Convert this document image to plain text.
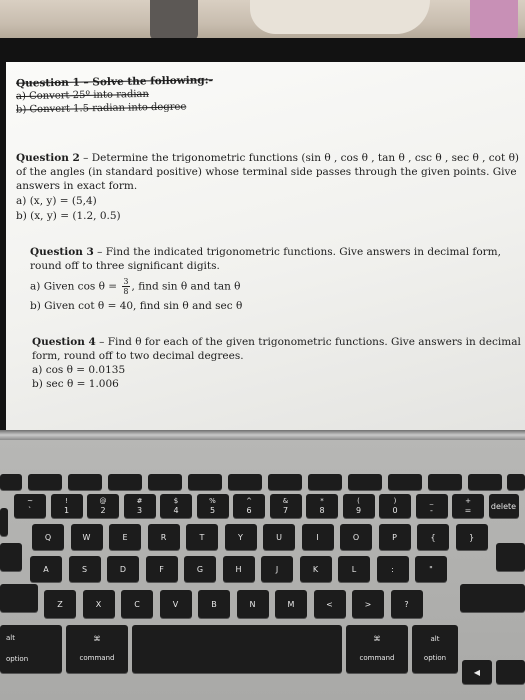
Question 1 – Solve the following:-
a) Convert 25º into radian
b) Convert 1.5 radian into degree
Question 2 – Determine the trigonometric functions (sin θ , cos θ , tan θ , csc θ , sec θ , cot θ)
of the angles (in standard positive) whose terminal side passes through the given points. Give
answers in exact form.
a) (x, y) = (5,4)
b) (x, y) = (1.2, 0.5)
Question 3 – Find the indicated trigonometric functions. Give answers in decimal form,
round off to three significant digits.
a) Given $\cos \theta = \frac{3}{8}$ , find sin θ and tan θ
b) Given cot θ = 40, find sin θ and sec θ
Question 4 – Find θ for each of the given trigonometric functions. Give answers in decimal
form, round off to two decimal degrees.
a) cos θ = 0.0135
b) sec θ = 1.006
~
`
!
1
@
2
#
3
$
4
%
5
^
6
&
7
*
8
(
9
)
0
_
-
+
= delete
Q	W	E	R	T	Y	U	I	O	P	{	}
A	S	D	F	G	H	J	K	L	:	"
Z	X	C	V	B	N	M	<	>	?
alt
option
⌘
command
⌘
command
alt
option
◀
